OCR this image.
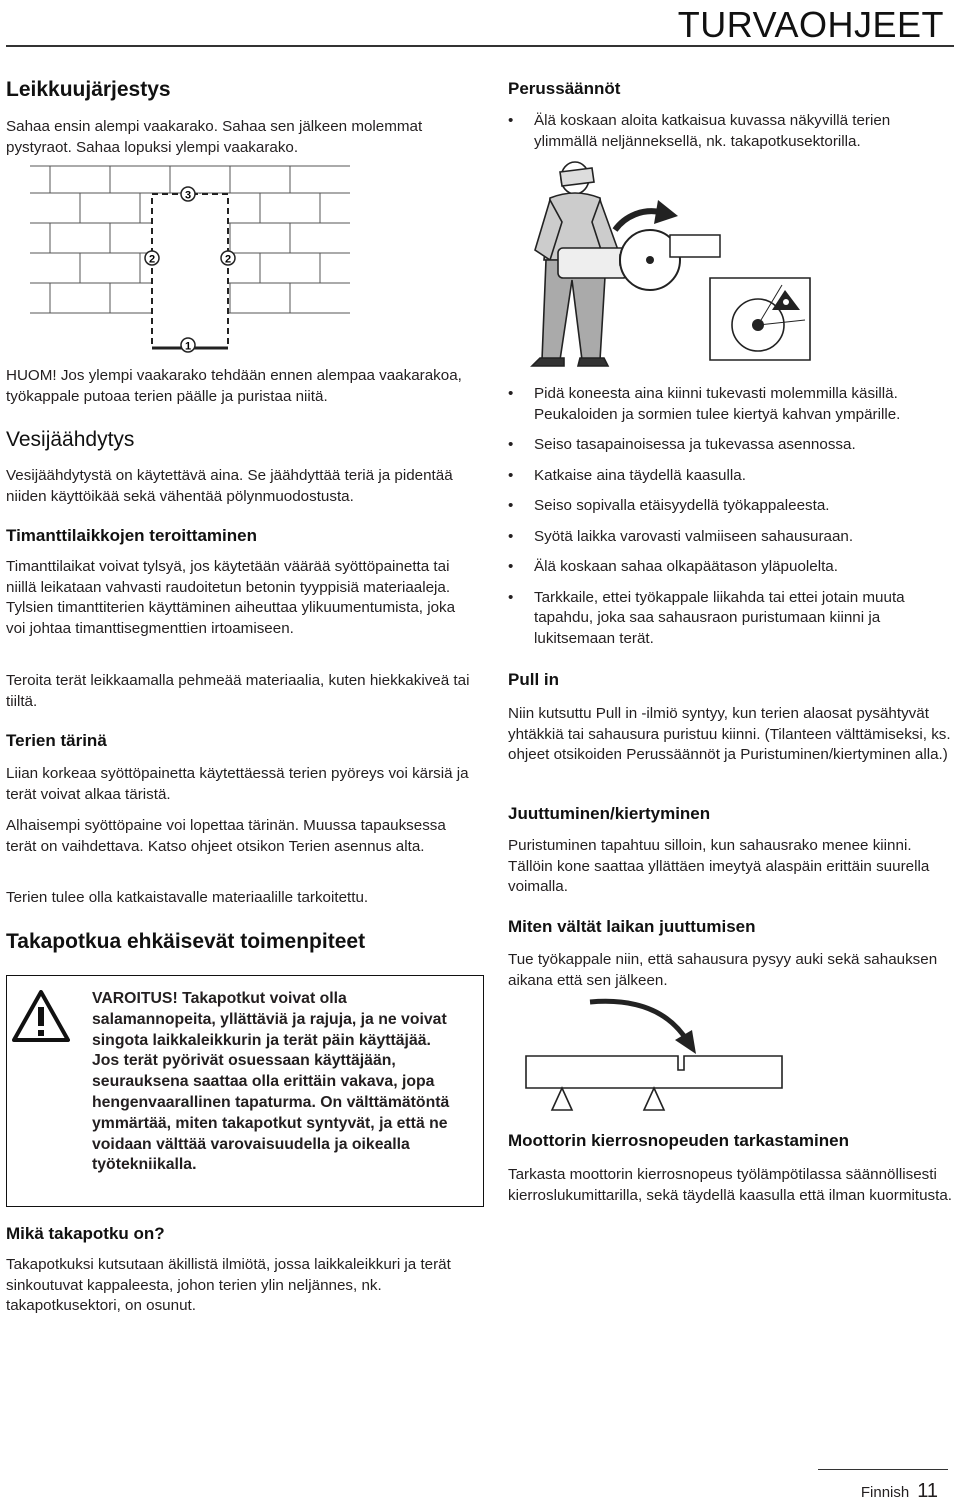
TURVAOHJEET
Leikkuujärjestys

Sahaa ensin alempi vaakarako. Sahaa sen jälkeen molemmat pystyraot. Sahaa lopuksi ylempi vaakarako.

3
2	2
1

HUOM! Jos ylempi vaakarako tehdään ennen alempaa vaakarakoa, työkappale putoaa terien päälle ja puristaa niitä.

Vesijäähdytys

Vesijäähdytystä on käytettävä aina. Se jäähdyttää teriä ja pidentää niiden käyttöikää sekä vähentää pölynmuodostusta.

Timanttilaikkojen teroittaminen

Timanttilaikat voivat tylsyä, jos käytetään väärää syöttöpainetta tai niillä leikataan vahvasti raudoitetun betonin tyyppisiä materiaaleja. Tylsien timanttiterien käyttäminen aiheuttaa ylikuumentumista, joka voi johtaa timanttisegmenttien irtoamiseen.

Teroita terät leikkaamalla pehmeää materiaalia, kuten hiekkakiveä tai tiiltä.

Terien tärinä

Liian korkeaa syöttöpainetta käytettäessä terien pyöreys voi kärsiä ja terät voivat alkaa täristä.

Alhaisempi syöttöpaine voi lopettaa tärinän. Muussa tapauksessa terät on vaihdettava. Katso ohjeet otsikon Terien asennus alta.

Terien tulee olla katkaistavalle materiaalille tarkoitettu.

Takapotkua ehkäisevät toimenpiteet
VAROITUS! Takapotkut voivat olla salamannopeita, yllättäviä ja rajuja, ja ne voivat singota laikkaleikkurin ja terät päin käyttäjää. Jos terät pyörivät osuessaan käyttäjään, seurauksena saattaa olla erittäin vakava, jopa hengenvaarallinen tapaturma. On välttämätöntä ymmärtää, miten takapotkut syntyvät, ja että ne voidaan välttää varovaisuudella ja oikealla työtekniikalla.
Mikä takapotku on?

Takapotkuksi kutsutaan äkillistä ilmiötä, jossa laikkaleikkuri ja terät sinkoutuvat kappaleesta, johon terien ylin neljännes, nk. takapotkusektori, on osunut.

Perussäännöt
• Älä koskaan aloita katkaisua kuvassa näkyvillä terien ylimmällä neljänneksellä, nk. takapotkusektorilla.
• Pidä koneesta aina kiinni tukevasti molemmilla käsillä. Peukaloiden ja sormien tulee kiertyä kahvan ympärille.
• Seiso tasapainoisessa ja tukevassa asennossa.
• Katkaise aina täydellä kaasulla.
• Seiso sopivalla etäisyydellä työkappaleesta.
• Syötä laikka varovasti valmiiseen sahausuraan.
• Älä koskaan sahaa olkapäätason yläpuolelta.
• Tarkkaile, ettei työkappale liikahda tai ettei jotain muuta tapahdu, joka saa sahausraon puristumaan kiinni ja lukitsemaan terät.
Pull in

Niin kutsuttu Pull in -ilmiö syntyy, kun terien alaosat pysähtyvät yhtäkkiä tai sahausura puristuu kiinni. (Tilanteen välttämiseksi, ks. ohjeet otsikoiden Perussäännöt ja Puristuminen/kiertyminen alla.)

Juuttuminen/kiertyminen

Puristuminen tapahtuu silloin, kun sahausrako menee kiinni. Tällöin kone saattaa yllättäen imeytyä alaspäin erittäin suurella voimalla.

Miten vältät laikan juuttumisen

Tue työkappale niin, että sahausura pysyy auki sekä sahauksen aikana että sen jälkeen.

Moottorin kierrosnopeuden tarkastaminen

Tarkasta moottorin kierrosnopeus työlämpötilassa säännöllisesti kierroslukumittarilla, sekä täydellä kaasulla että ilman kuormitusta.

Finnish 11
